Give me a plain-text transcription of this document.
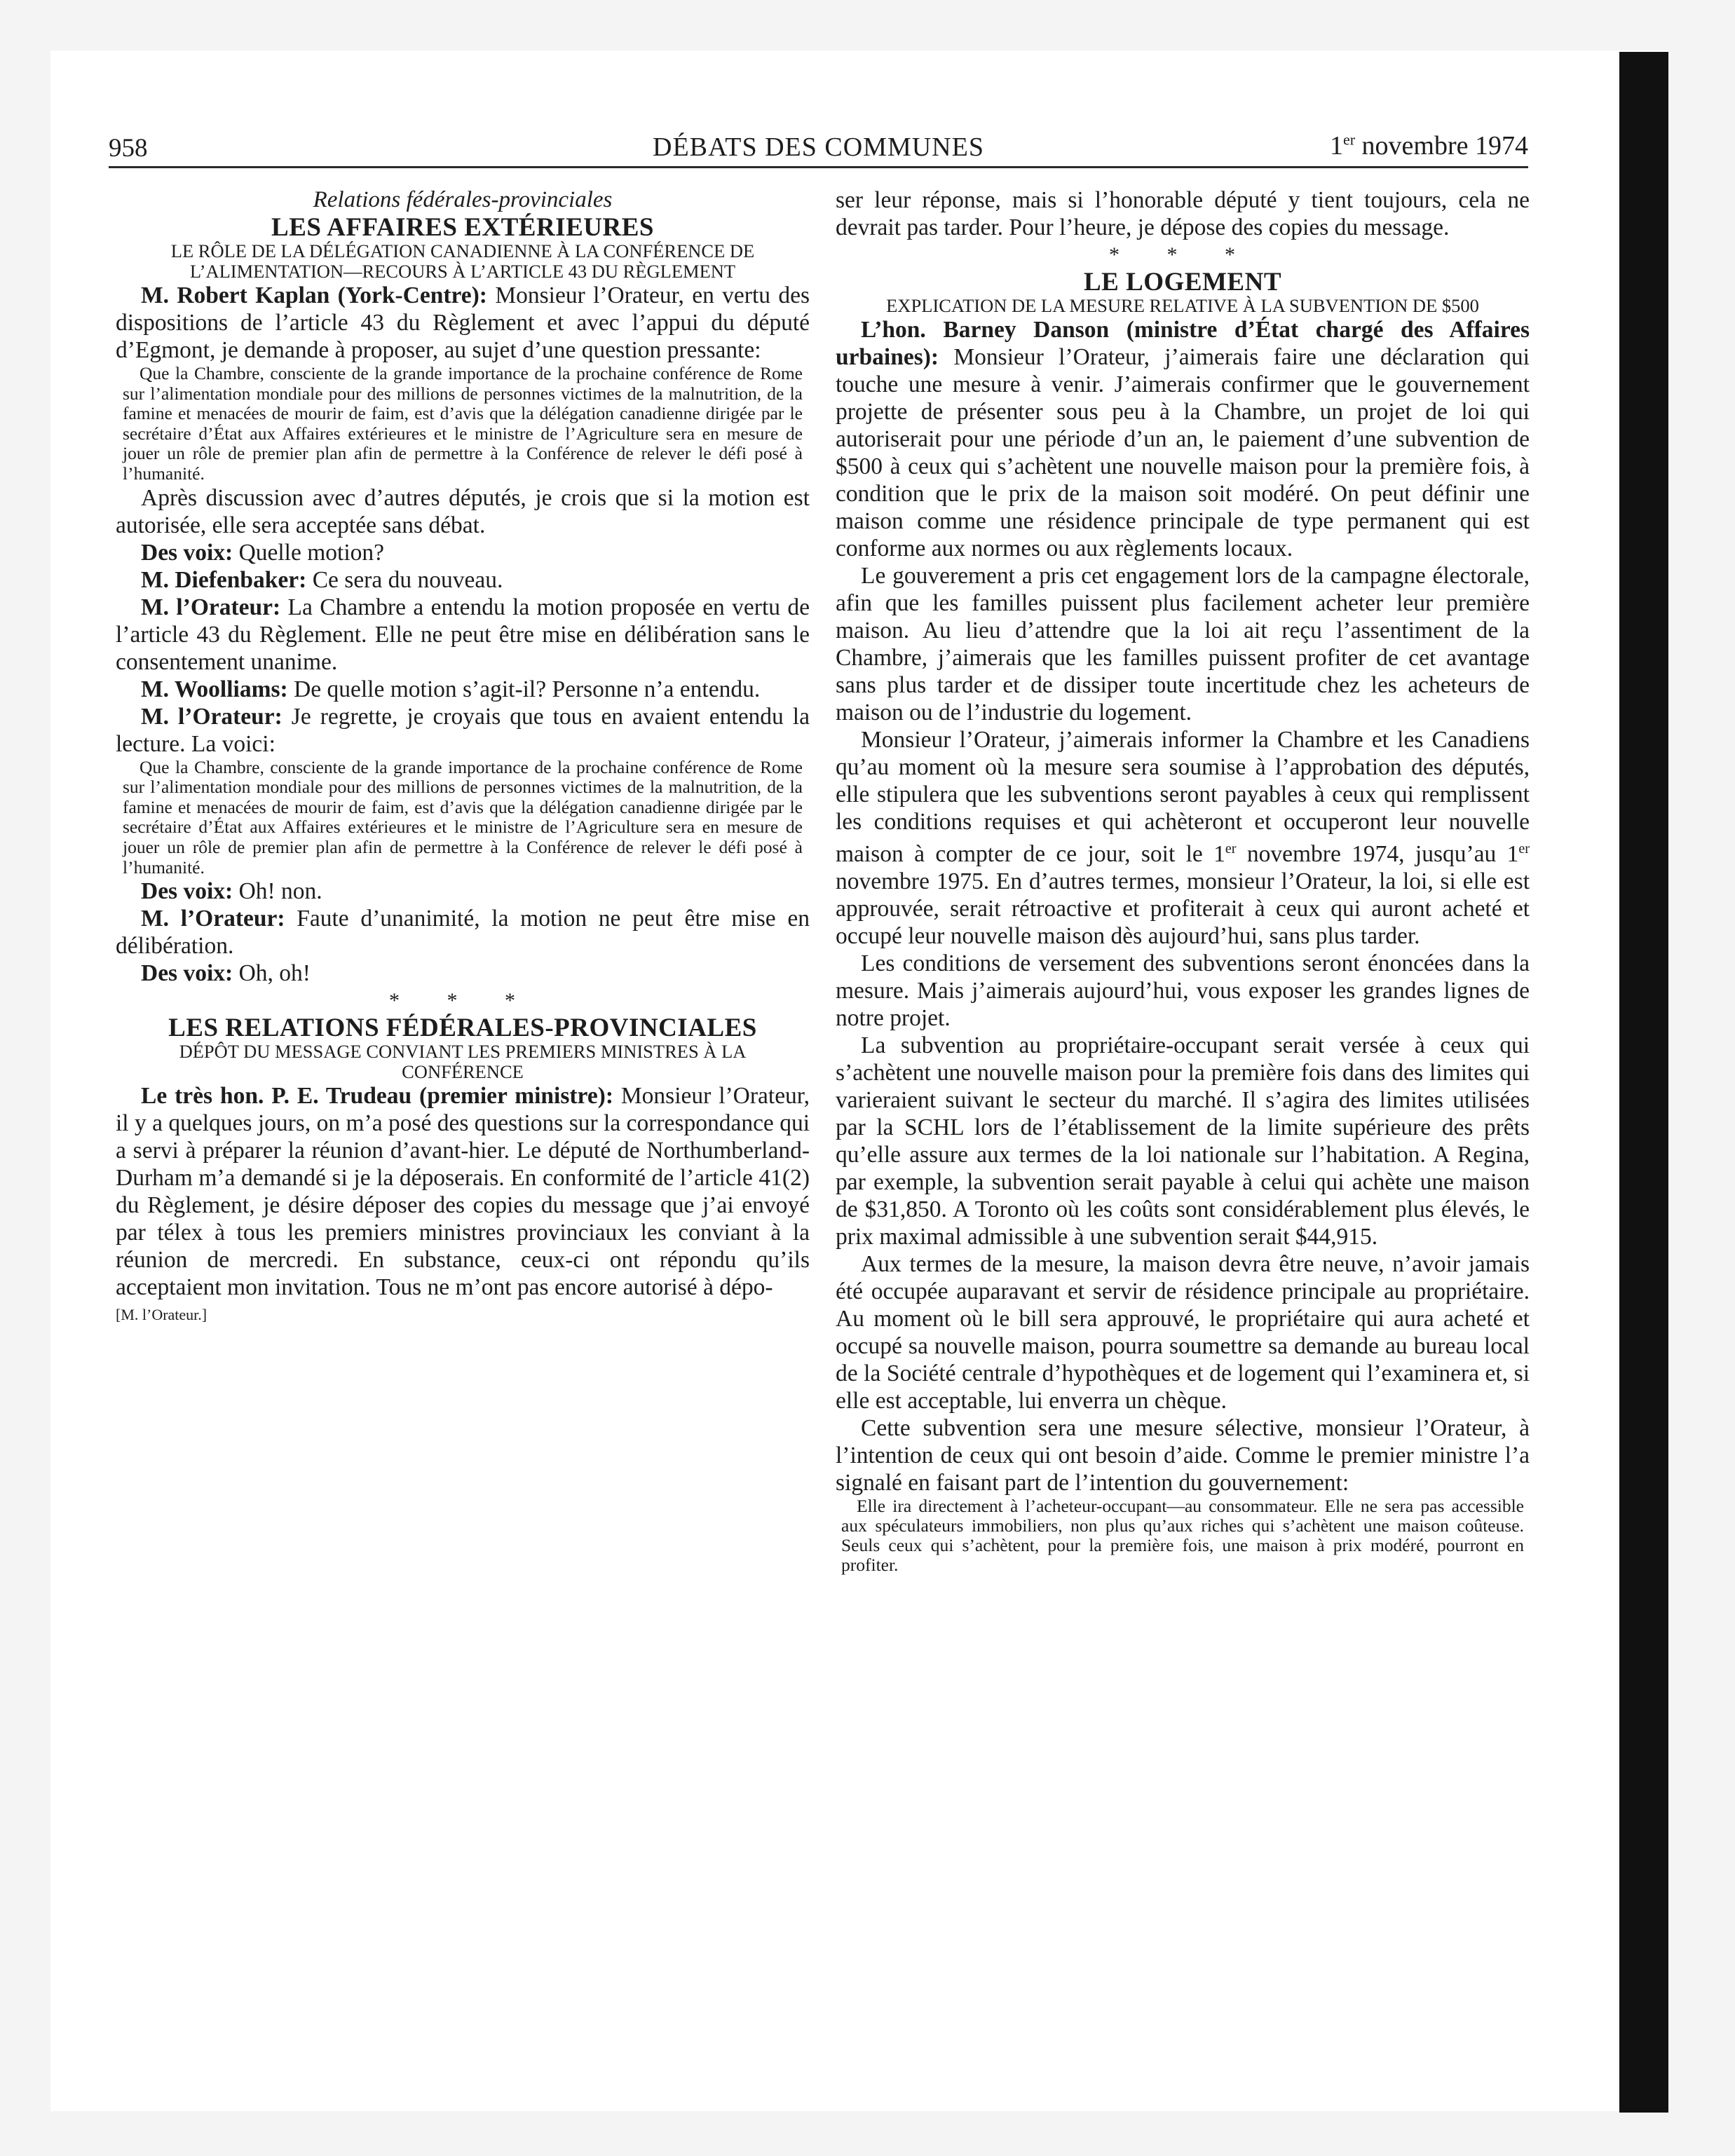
958	DÉBATS DES COMMUNES	1er novembre 1974

Relations fédérales-provinciales

LES AFFAIRES EXTÉRIEURES

LE RÔLE DE LA DÉLÉGATION CANADIENNE À LA CONFÉRENCE DE L’ALIMENTATION—RECOURS À L’ARTICLE 43 DU RÈGLEMENT

M. Robert Kaplan (York-Centre): Monsieur l’Orateur, en vertu des dispositions de l’article 43 du Règlement et avec l’appui du député d’Egmont, je demande à proposer, au sujet d’une question pressante:

Que la Chambre, consciente de la grande importance de la prochaine conférence de Rome sur l’alimentation mondiale pour des millions de personnes victimes de la malnutrition, de la famine et menacées de mourir de faim, est d’avis que la délégation canadienne dirigée par le secrétaire d’État aux Affaires extérieures et le ministre de l’Agriculture sera en mesure de jouer un rôle de premier plan afin de permettre à la Conférence de relever le défi posé à l’humanité.

Après discussion avec d’autres députés, je crois que si la motion est autorisée, elle sera acceptée sans débat.

Des voix: Quelle motion?

M. Diefenbaker: Ce sera du nouveau.

M. l’Orateur: La Chambre a entendu la motion proposée en vertu de l’article 43 du Règlement. Elle ne peut être mise en délibération sans le consentement unanime.

M. Woolliams: De quelle motion s’agit-il? Personne n’a entendu.

M. l’Orateur: Je regrette, je croyais que tous en avaient entendu la lecture. La voici:

Que la Chambre, consciente de la grande importance de la prochaine conférence de Rome sur l’alimentation mondiale pour des millions de personnes victimes de la malnutrition, de la famine et menacées de mourir de faim, est d’avis que la délégation canadienne dirigée par le secrétaire d’État aux Affaires extérieures et le ministre de l’Agriculture sera en mesure de jouer un rôle de premier plan afin de permettre à la Conférence de relever le défi posé à l’humanité.

Des voix: Oh! non.

M. l’Orateur: Faute d’unanimité, la motion ne peut être mise en délibération.

Des voix: Oh, oh!

* * *

LES RELATIONS FÉDÉRALES-PROVINCIALES

DÉPÔT DU MESSAGE CONVIANT LES PREMIERS MINISTRES À LA CONFÉRENCE

Le très hon. P. E. Trudeau (premier ministre): Monsieur l’Orateur, il y a quelques jours, on m’a posé des questions sur la correspondance qui a servi à préparer la réunion d’avant-hier. Le député de Northumberland-Durham m’a demandé si je la déposerais. En conformité de l’article 41(2) du Règlement, je désire déposer des copies du message que j’ai envoyé par télex à tous les premiers ministres provinciaux les conviant à la réunion de mercredi. En substance, ceux-ci ont répondu qu’ils acceptaient mon invitation. Tous ne m’ont pas encore autorisé à dépo-

[M. l’Orateur.]

ser leur réponse, mais si l’honorable député y tient toujours, cela ne devrait pas tarder. Pour l’heure, je dépose des copies du message.

* * *

LE LOGEMENT

EXPLICATION DE LA MESURE RELATIVE À LA SUBVENTION DE $500

L’hon. Barney Danson (ministre d’État chargé des Affaires urbaines): Monsieur l’Orateur, j’aimerais faire une déclaration qui touche une mesure à venir. J’aimerais confirmer que le gouvernement projette de présenter sous peu à la Chambre, un projet de loi qui autoriserait pour une période d’un an, le paiement d’une subvention de $500 à ceux qui s’achètent une nouvelle maison pour la première fois, à condition que le prix de la maison soit modéré. On peut définir une maison comme une résidence principale de type permanent qui est conforme aux normes ou aux règlements locaux.

Le gouverement a pris cet engagement lors de la campagne électorale, afin que les familles puissent plus facilement acheter leur première maison. Au lieu d’attendre que la loi ait reçu l’assentiment de la Chambre, j’aimerais que les familles puissent profiter de cet avantage sans plus tarder et de dissiper toute incertitude chez les acheteurs de maison ou de l’industrie du logement.

Monsieur l’Orateur, j’aimerais informer la Chambre et les Canadiens qu’au moment où la mesure sera soumise à l’approbation des députés, elle stipulera que les subventions seront payables à ceux qui remplissent les conditions requises et qui achèteront et occuperont leur nouvelle maison à compter de ce jour, soit le 1er novembre 1974, jusqu’au 1er novembre 1975. En d’autres termes, monsieur l’Orateur, la loi, si elle est approuvée, serait rétroactive et profiterait à ceux qui auront acheté et occupé leur nouvelle maison dès aujourd’hui, sans plus tarder.

Les conditions de versement des subventions seront énoncées dans la mesure. Mais j’aimerais aujourd’hui, vous exposer les grandes lignes de notre projet.

La subvention au propriétaire-occupant serait versée à ceux qui s’achètent une nouvelle maison pour la première fois dans des limites qui varieraient suivant le secteur du marché. Il s’agira des limites utilisées par la SCHL lors de l’établissement de la limite supérieure des prêts qu’elle assure aux termes de la loi nationale sur l’habitation. A Regina, par exemple, la subvention serait payable à celui qui achète une maison de $31,850. A Toronto où les coûts sont considérablement plus élevés, le prix maximal admissible à une subvention serait $44,915.

Aux termes de la mesure, la maison devra être neuve, n’avoir jamais été occupée auparavant et servir de résidence principale au propriétaire. Au moment où le bill sera approuvé, le propriétaire qui aura acheté et occupé sa nouvelle maison, pourra soumettre sa demande au bureau local de la Société centrale d’hypothèques et de logement qui l’examinera et, si elle est acceptable, lui enverra un chèque.

Cette subvention sera une mesure sélective, monsieur l’Orateur, à l’intention de ceux qui ont besoin d’aide. Comme le premier ministre l’a signalé en faisant part de l’intention du gouvernement:

Elle ira directement à l’acheteur-occupant—au consommateur. Elle ne sera pas accessible aux spéculateurs immobiliers, non plus qu’aux riches qui s’achètent une maison coûteuse. Seuls ceux qui s’achètent, pour la première fois, une maison à prix modéré, pourront en profiter.
